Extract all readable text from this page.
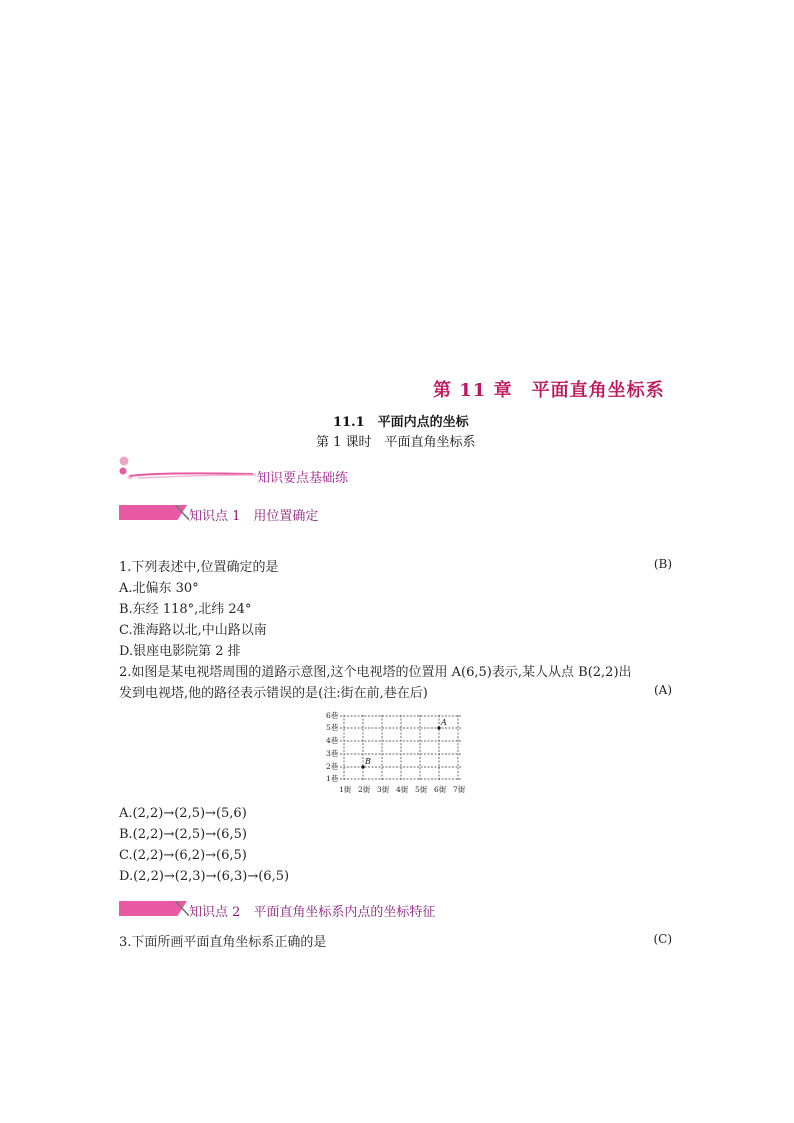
第 11 章　平面直角坐标系
11.1　平面内点的坐标
第 1 课时　平面直角坐标系
知识要点基础练
知识点 1　用位置确定
1.下列表述中,位置确定的是	(B)
A.北偏东 30°
B.东经 118°,北纬 24°
C.淮海路以北,中山路以南
D.银座电影院第 2 排
2.如图是某电视塔周围的道路示意图,这个电视塔的位置用 A(6,5)表示,某人从点 B(2,2)出
发到电视塔,他的路径表示错误的是(注:街在前,巷在后)	(A)
6巷
5巷
4巷
3巷
2巷
1巷
1街 2街 3街 4街 5街 6街 7街
A
B
A.(2,2)→(2,5)→(5,6)
B.(2,2)→(2,5)→(6,5)
C.(2,2)→(6,2)→(6,5)
D.(2,2)→(2,3)→(6,3)→(6,5)
知识点 2　平面直角坐标系内点的坐标特征
3.下面所画平面直角坐标系正确的是	(C)
